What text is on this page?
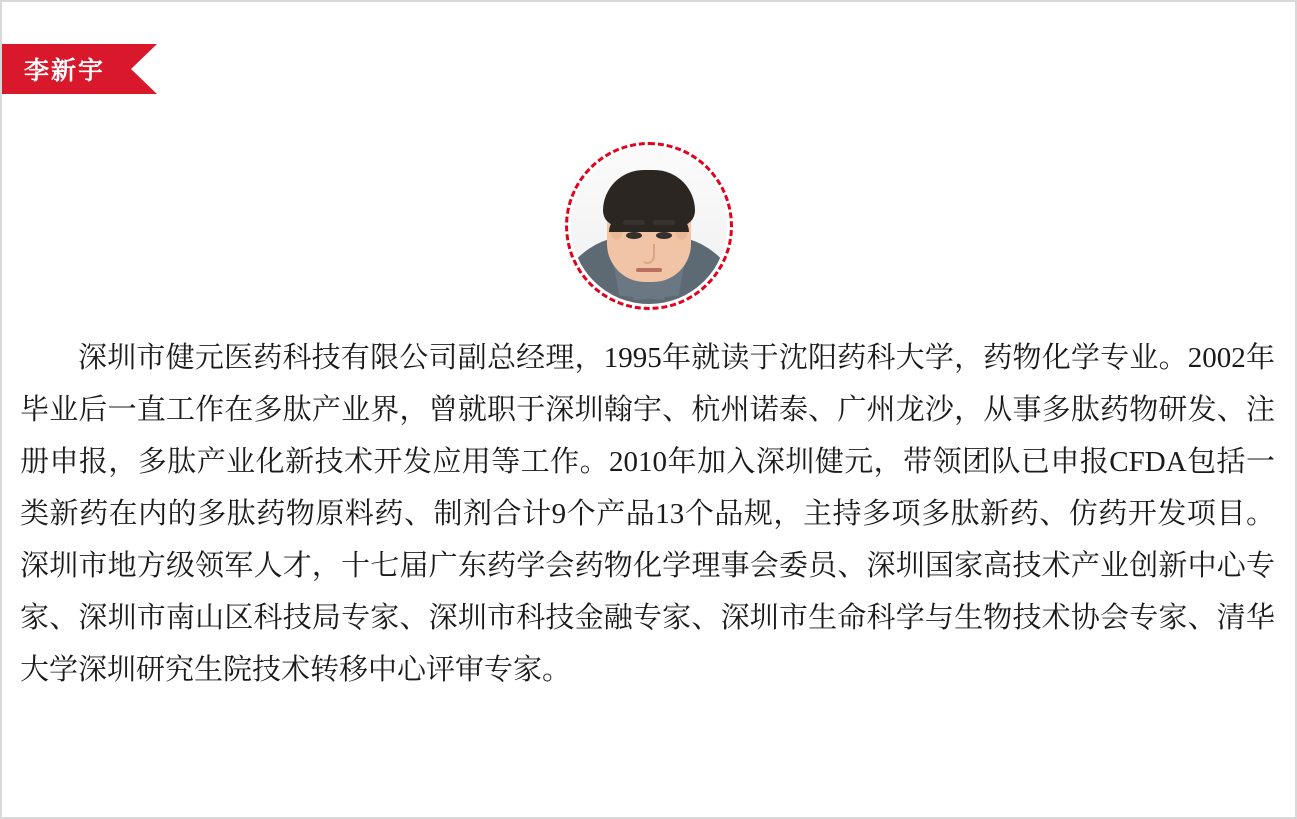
李新宇
深圳市健元医药科技有限公司副总经理，1995年就读于沈阳药科大学，药物化学专业。2002年毕业后一直工作在多肽产业界，曾就职于深圳翰宇、杭州诺泰、广州龙沙，从事多肽药物研发、注册申报，多肽产业化新技术开发应用等工作。2010年加入深圳健元，带领团队已申报CFDA包括一类新药在内的多肽药物原料药、制剂合计9个产品13个品规，主持多项多肽新药、仿药开发项目。深圳市地方级领军人才，十七届广东药学会药物化学理事会委员、深圳国家高技术产业创新中心专家、深圳市南山区科技局专家、深圳市科技金融专家、深圳市生命科学与生物技术协会专家、清华大学深圳研究生院技术转移中心评审专家。
